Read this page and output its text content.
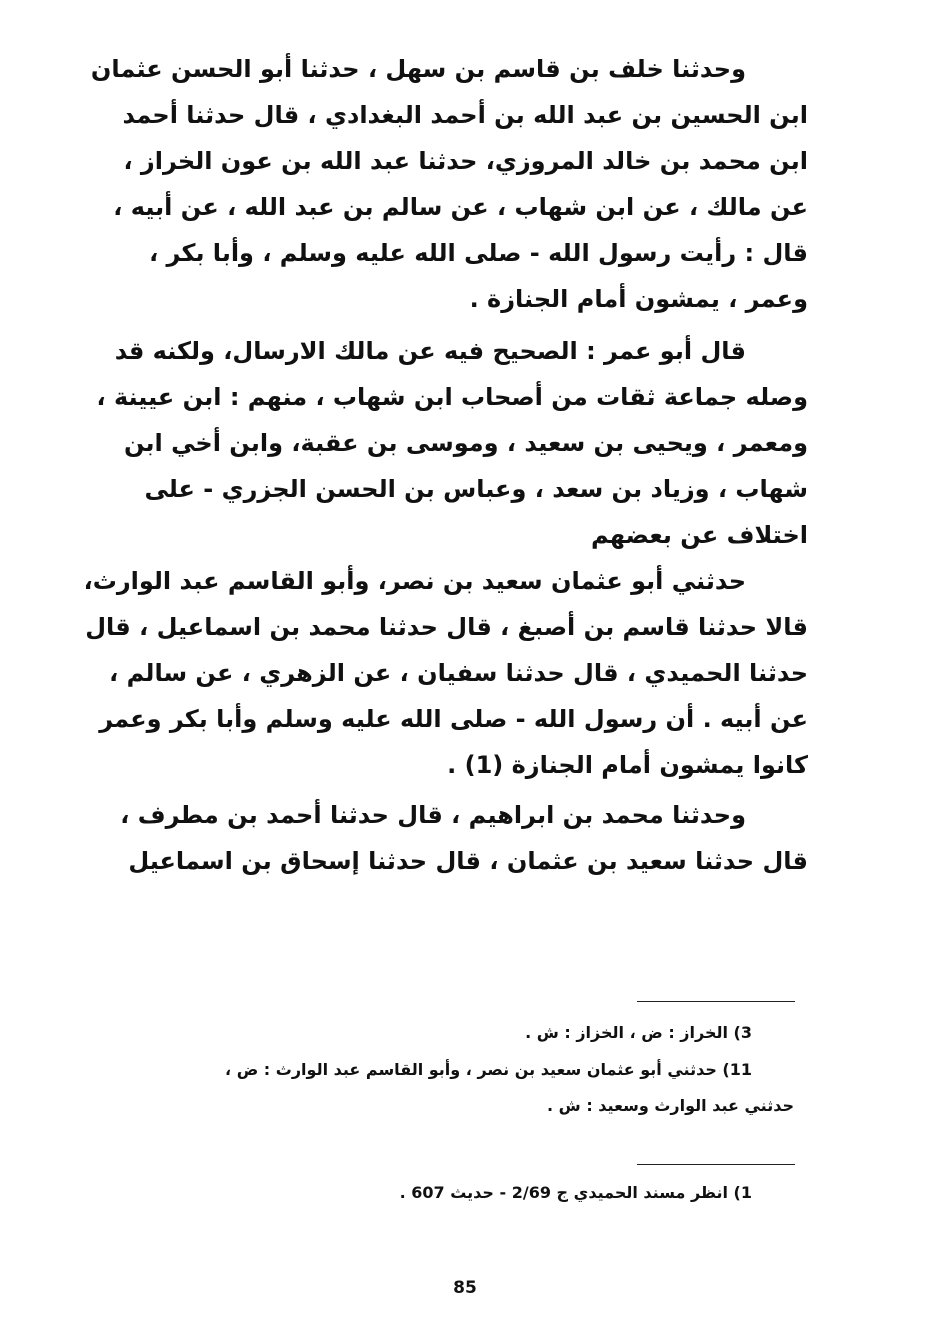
وحدثنا خلف بن قاسم بن سهل ، حدثنا أبو الحسن عثمان
ابن الحسين بن عبد الله بن أحمد البغدادي ، قال حدثنا أحمد
ابن محمد بن خالد المروزي، حدثنا عبد الله بن عون الخراز ،
عن مالك ، عن ابن شهاب ، عن سالم بن عبد الله ، عن أبيه ،
قال : رأيت رسول الله - صلى الله عليه وسلم ، وأبا بكر ،
وعمر ، يمشون أمام الجنازة .
قال أبو عمر : الصحيح فيه عن مالك الارسال، ولكنه قد
وصله جماعة ثقات من أصحاب ابن شهاب ، منهم : ابن عيينة ،
ومعمر ، ويحيى بن سعيد ، وموسى بن عقبة، وابن أخي ابن
شهاب ، وزياد بن سعد ، وعباس بن الحسن الجزري - على
اختلاف عن بعضهم
حدثني أبو عثمان سعيد بن نصر، وأبو القاسم عبد الوارث،
قالا حدثنا قاسم بن أصبغ ، قال حدثنا محمد بن اسماعيل ، قال
حدثنا الحميدي ، قال حدثنا سفيان ، عن الزهري ، عن سالم ،
عن أبيه . أن رسول الله - صلى الله عليه وسلم وأبا بكر وعمر
كانوا يمشون أمام الجنازة (1) .
وحدثنا محمد بن ابراهيم ، قال حدثنا أحمد بن مطرف ،
قال حدثنا سعيد بن عثمان ، قال حدثنا إسحاق بن اسماعيل
3) الخراز : ض ، الخزاز : ش .
11) حدثني أبو عثمان سعيد بن نصر ، وأبو القاسم عبد الوارث : ض ،
حدثني عبد الوارث وسعيد : ش .
1) انظر مسند الحميدي ج 2/69 - حديث 607 .
85
